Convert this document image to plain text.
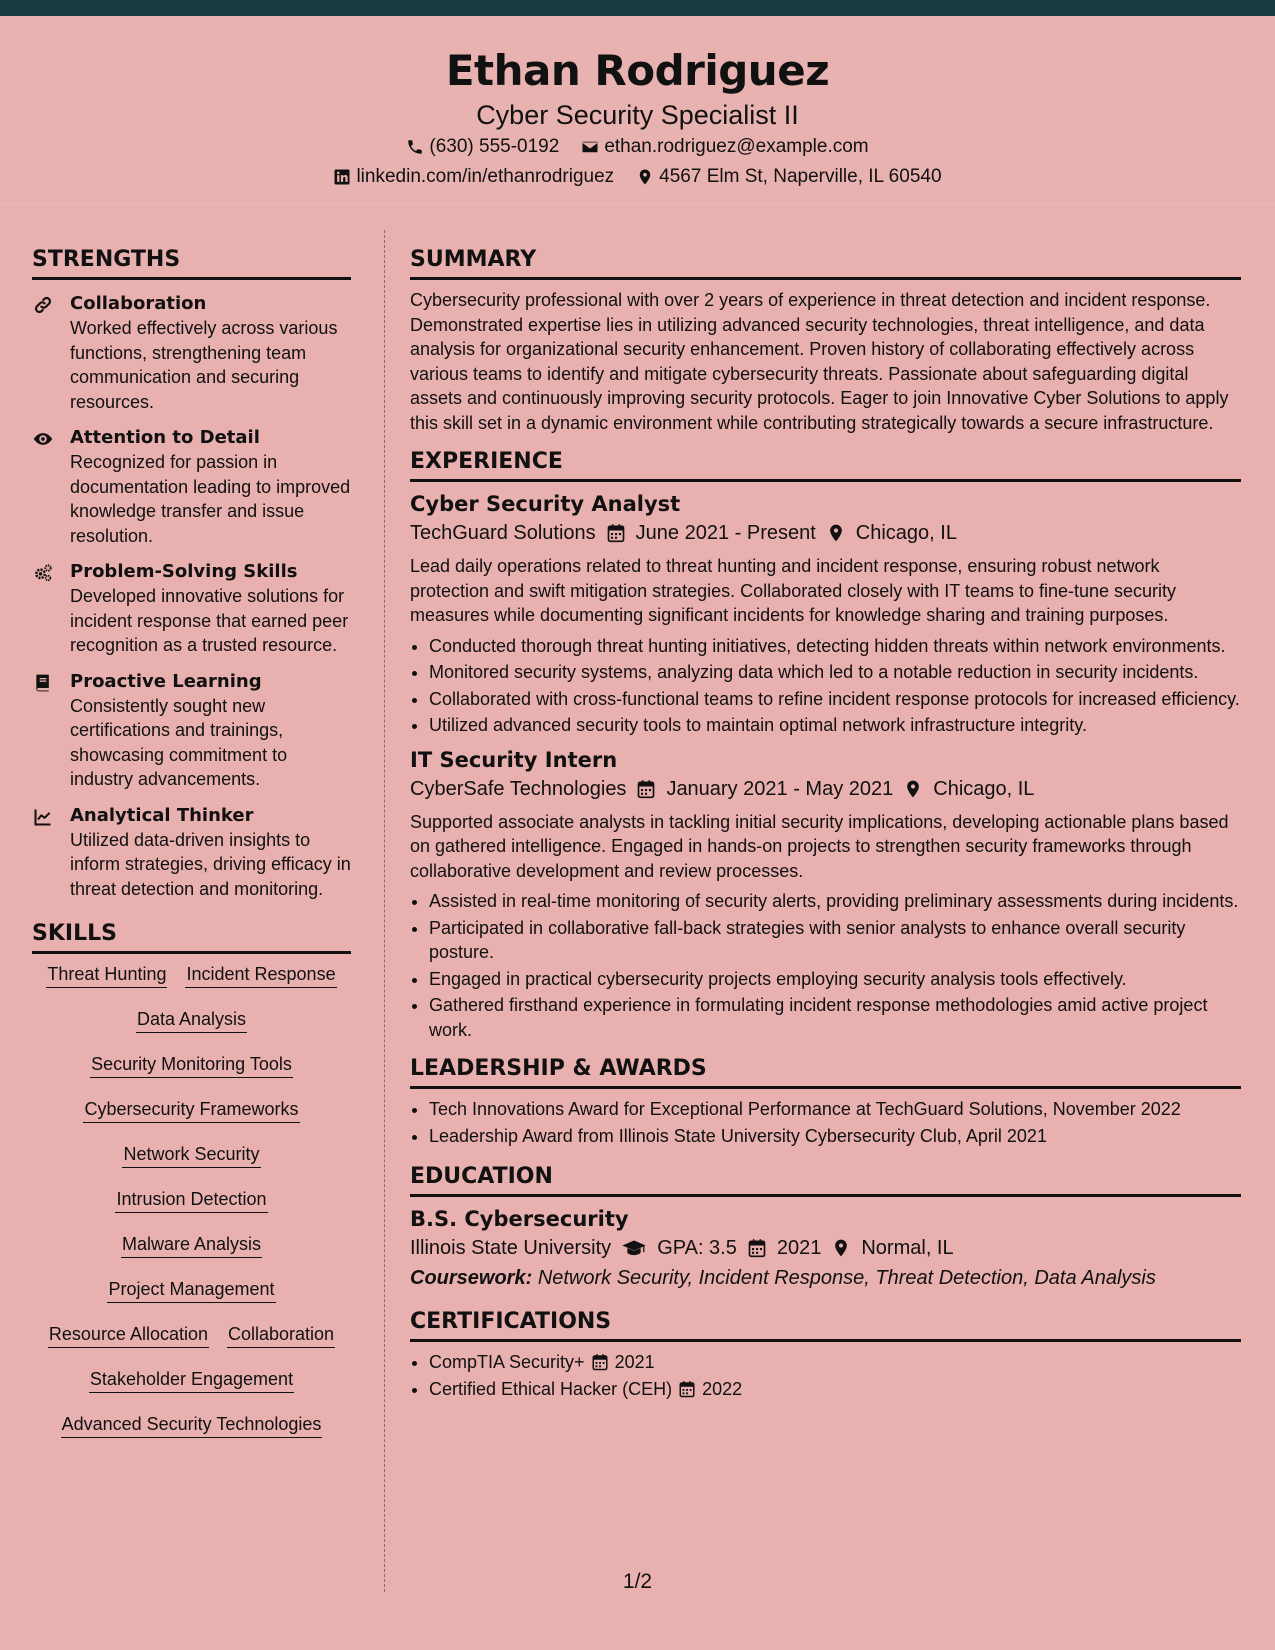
Ethan Rodriguez
Cyber Security Specialist II
(630) 555-0192 ethan.rodriguez@example.com
linkedin.com/in/ethanrodriguez 4567 Elm St, Naperville, IL 60540
STRENGTHS
Collaboration
Worked effectively across various functions, strengthening team communication and securing resources.
Attention to Detail
Recognized for passion in documentation leading to improved knowledge transfer and issue resolution.
Problem-Solving Skills
Developed innovative solutions for incident response that earned peer recognition as a trusted resource.
Proactive Learning
Consistently sought new certifications and trainings, showcasing commitment to industry advancements.
Analytical Thinker
Utilized data-driven insights to inform strategies, driving efficacy in threat detection and monitoring.
SKILLS
Threat Hunting Incident Response
Data Analysis
Security Monitoring Tools
Cybersecurity Frameworks
Network Security
Intrusion Detection
Malware Analysis
Project Management
Resource Allocation Collaboration
Stakeholder Engagement
Advanced Security Technologies
SUMMARY

Cybersecurity professional with over 2 years of experience in threat detection and incident response. Demonstrated expertise lies in utilizing advanced security technologies, threat intelligence, and data analysis for organizational security enhancement. Proven history of collaborating effectively across various teams to identify and mitigate cybersecurity threats. Passionate about safeguarding digital assets and continuously improving security protocols. Eager to join Innovative Cyber Solutions to apply this skill set in a dynamic environment while contributing strategically towards a secure infrastructure.

EXPERIENCE
Cyber Security Analyst
TechGuard Solutions June 2021 - Present Chicago, IL

Lead daily operations related to threat hunting and incident response, ensuring robust network protection and swift mitigation strategies. Collaborated closely with IT teams to fine-tune security measures while documenting significant incidents for knowledge sharing and training purposes.

• Conducted thorough threat hunting initiatives, detecting hidden threats within network environments.
• Monitored security systems, analyzing data which led to a notable reduction in security incidents.
• Collaborated with cross-functional teams to refine incident response protocols for increased efficiency.
• Utilized advanced security tools to maintain optimal network infrastructure integrity.
IT Security Intern
CyberSafe Technologies January 2021 - May 2021 Chicago, IL

Supported associate analysts in tackling initial security implications, developing actionable plans based on gathered intelligence. Engaged in hands-on projects to strengthen security frameworks through collaborative development and review processes.

• Assisted in real-time monitoring of security alerts, providing preliminary assessments during incidents.
• Participated in collaborative fall-back strategies with senior analysts to enhance overall security posture.
• Engaged in practical cybersecurity projects employing security analysis tools effectively.
• Gathered firsthand experience in formulating incident response methodologies amid active project work.
LEADERSHIP & AWARDS
• Tech Innovations Award for Exceptional Performance at TechGuard Solutions, November 2022
• Leadership Award from Illinois State University Cybersecurity Club, April 2021
EDUCATION
B.S. Cybersecurity
Illinois State University GPA: 3.5 2021 Normal, IL
Coursework: Network Security, Incident Response, Threat Detection, Data Analysis
CERTIFICATIONS
• CompTIA Security+ 2021
• Certified Ethical Hacker (CEH) 2022
1/2
